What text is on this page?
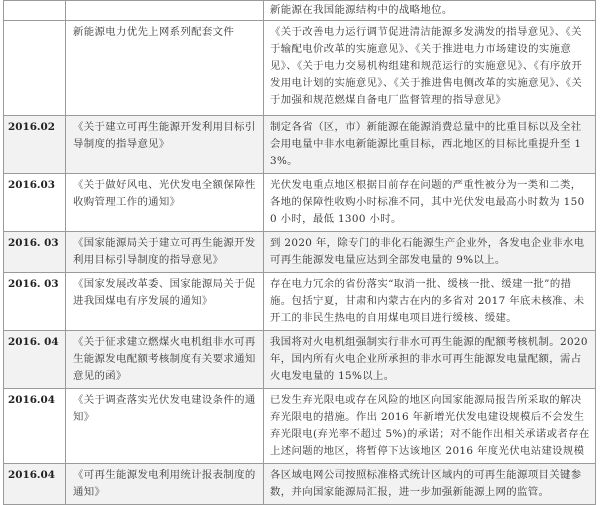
		新能源在我国能源结构中的战略地位。
	新能源电力优先上网系列配套文件	《关于改善电力运行调节促进清洁能源多发满发的指导意见》、《关于输配电价改革的实施意见》、《关于推进电力市场建设的实施意见》、《关于电力交易机构组建和规范运行的实施意见》、《有序放开发用电计划的实施意见》、《关于推进售电侧改革的实施意见》、《关于加强和规范燃煤自备电厂监督管理的指导意见》
2016.02	《关于建立可再生能源开发利用目标引导制度的指导意见》	制定各省（区，市）新能源在能源消费总量中的比重目标以及全社会用电量中非水电新能源比重目标，西北地区的目标比重提升至 13%。
2016.03	《关于做好风电、光伏发电全额保障性收购管理工作的通知》	光伏发电重点地区根据目前存在问题的严重性被分为一类和二类，各地的保障性收购小时标准不同，其中光伏发电最高小时数为 1500 小时，最低 1300 小时。
2016. 03	《国家能源局关于建立可再生能源开发利用目标引导制度的指导意见》	到 2020 年，除专门的非化石能源生产企业外，各发电企业非水电可再生能源发电量应达到全部发电量的 9%以上。
2016. 03	《国家发展改革委、国家能源局关于促进我国煤电有序发展的通知》	存在电力冗余的省份落实“取消一批、缓核一批、缓建一批”的措施。包括宁夏，甘肃和内蒙古在内的多省对 2017 年底未核准、未开工的非民生热电的自用煤电项目进行缓核、缓建。
2016. 04	《关于征求建立燃煤火电机组非水可再生能源发电配额考核制度有关要求通知意见的函》	我国将对火电机组强制实行非水可再生能源的配额考核机制。2020 年，国内所有火电企业所承担的非水可再生能源发电量配额，需占火电发电量的 15%以上。
2016.04	《关于调查落实光伏发电建设条件的通知》	已发生弃光限电或存在风险的地区向国家能源局报告所采取的解决弃光限电的措施。作出 2016 年新增光伏发电建设规模后不会发生弃光限电(弃光率不超过 5%)的承诺；对不能作出相关承诺或者存在上述问题的地区，将暂停下达该地区 2016 年度光伏电站建设规模
2016.04	《可再生能源发电利用统计报表制度的通知》	各区域电网公司按照标准格式统计区域内的可再生能源项目关键参数，并向国家能源局汇报，进一步加强新能源上网的监管。
